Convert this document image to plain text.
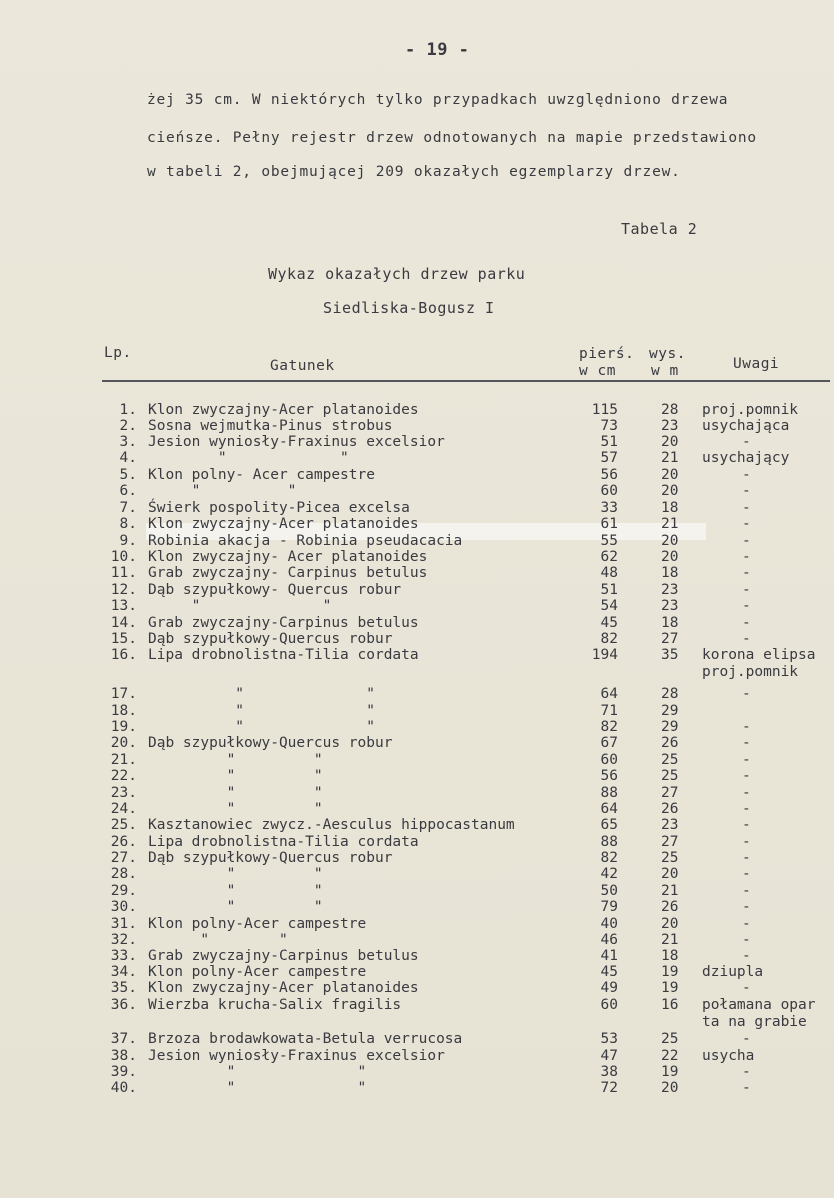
- 19 -
żej 35 cm. W niektórych tylko przypadkach uwzględniono drzewa
cieńsze. Pełny rejestr drzew odnotowanych na mapie przedstawiono
w tabeli 2, obejmującej 209 okazałych egzemplarzy drzew.
Tabela 2
Wykaz okazałych drzew parku
Siedliska-Bogusz I
Lp.
Gatunek
pierś.
w cm
wys.
w m	Uwagi
1. Klon zwyczajny-Acer platanoides	115	28 proj.pomnik
2. Sosna wejmutka-Pinus strobus	73	23 usychająca
3. Jesion wyniosły-Fraxinus excelsior	51	20	-
4. "             "	57	21 usychający
5. Klon polny- Acer campestre	56	20	-
6. "          "	60	20	-
7. Świerk pospolity-Picea excelsa	33	18	-
8. Klon zwyczajny-Acer platanoides	61	21	-
9. Robinia akacja - Robinia pseudacacia	55	20	-
10. Klon zwyczajny- Acer platanoides	62	20	-
11. Grab zwyczajny- Carpinus betulus	48	18	-
12. Dąb szypułkowy- Quercus robur	51	23	-
13. "              "	54	23	-
14. Grab zwyczajny-Carpinus betulus	45	18	-
15. Dąb szypułkowy-Quercus robur	82	27	-
16. Lipa drobnolistna-Tilia cordata	194	35 korona elipsa
proj.pomnik
17. "              "	64	28	-
18. "              "	71	29
19. "              "	82	29	-
20. Dąb szypułkowy-Quercus robur	67	26	-
21. "         "	60	25	-
22. "         "	56	25	-
23. "         "	88	27	-
24. "         "	64	26	-
25. Kasztanowiec zwycz.-Aesculus hippocastanum	65	23	-
26. Lipa drobnolistna-Tilia cordata	88	27	-
27. Dąb szypułkowy-Quercus robur	82	25	-
28. "         "	42	20	-
29. "         "	50	21	-
30. "         "	79	26	-
31. Klon polny-Acer campestre	40	20	-
32. "        "	46	21	-
33. Grab zwyczajny-Carpinus betulus	41	18	-
34. Klon polny-Acer campestre	45	19 dziupla
35. Klon zwyczajny-Acer platanoides	49	19	-
36. Wierzba krucha-Salix fragilis	60	16 połamana opar
ta na grabie
37. Brzoza brodawkowata-Betula verrucosa	53	25	-
38. Jesion wyniosły-Fraxinus excelsior	47	22 usycha
39. "              "	38	19	-
40. "              "	72	20	-
